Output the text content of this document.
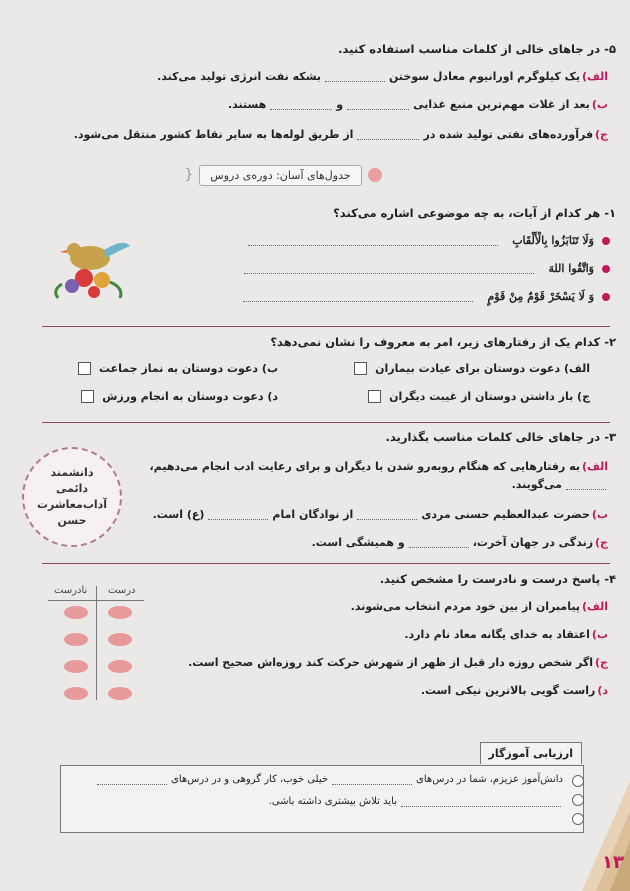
۵- در جاهای خالی از کلمات مناسب استفاده کنید.
الف)
یک کیلوگرم اورانیوم معادل سوختن
بشکه نفت انرژی تولید می‌کند.
ب)
بعد از غلات مهم‌ترین منبع غذایی
و
هستند.
ج)
فرآورده‌های نفتی تولید شده در
از طریق لوله‌ها به سایر نقاط کشور منتقل می‌شود.
جدول‌های آسان: دوره‌ی دروس
{
۱- هر کدام از آیات، به چه موضوعی اشاره می‌کند؟
وَلَا تَنَابَزُوا بِالْأَلْقَابِ
وَاتَّقُوا اللهَ
وَ لَا يَسْخَرْ قَوْمٌ مِنْ قَوْمٍ
۲- کدام یک از رفتارهای زیر، امر به معروف را نشان نمی‌دهد؟
الف) دعوت دوستان برای عیادت بیماران
ب) دعوت دوستان به نماز جماعت
ج) باز داشتن دوستان از غیبت دیگران
د) دعوت دوستان به انجام ورزش
۳- در جاهای خالی کلمات مناسب بگذارید.
الف)
به رفتارهایی که هنگام روبه‌رو شدن با دیگران و برای رعایت ادب انجام می‌دهیم،
می‌گویند.
ب)
حضرت عبدالعظیم حسنی مردی
از نوادگان امام
(ع) است.
ج)
زندگی در جهان آخرت،
و همیشگی است.
دانشمند
دائمی
آداب‌معاشرت
حسن
۴- پاسخ درست و نادرست را مشخص کنید.
درست
نادرست
الف)
پیامبران از بین خود مردم انتخاب می‌شوند.
ب)
اعتقاد به خدای یگانه معاد نام دارد.
ج)
اگر شخص روزه دار قبل از ظهر از شهرش حرکت کند روزه‌اش صحیح است.
د)
راست گویی بالاترین نیکی است.
ارزیابی آموزگار
دانش‌آموز عزیزم، شما در درس‌های
خیلی خوب، کار گروهی و در درس‌های
باید تلاش بیشتری داشته باشی.
۱۳
